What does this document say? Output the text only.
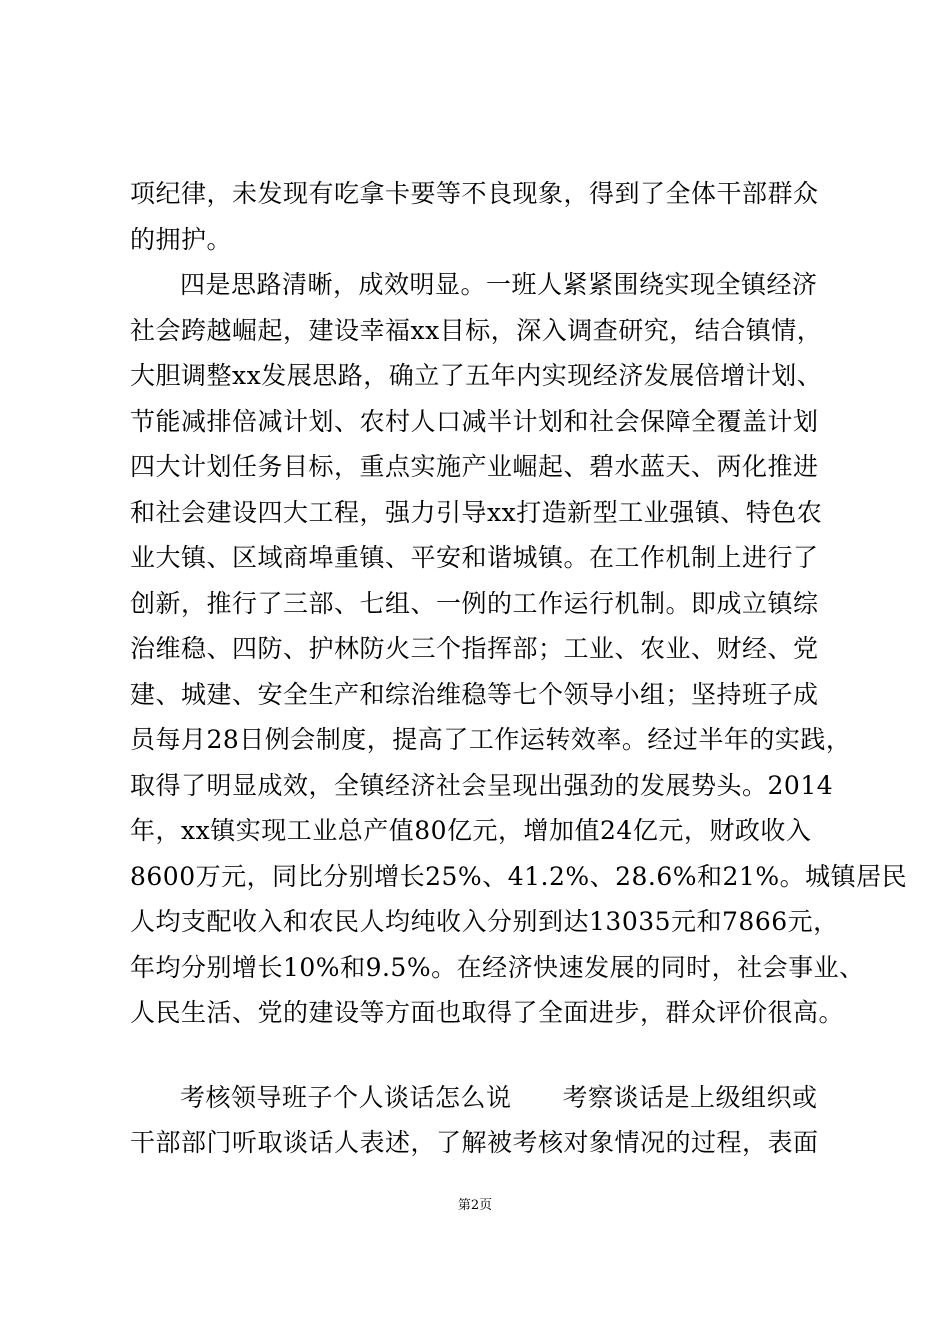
项纪律，未发现有吃拿卡要等不良现象，得到了全体干部群众
的拥护。
四是思路清晰，成效明显。一班人紧紧围绕实现全镇经济
社会跨越崛起，建设幸福xx目标，深入调查研究，结合镇情，
大胆调整xx发展思路，确立了五年内实现经济发展倍增计划、
节能减排倍减计划、农村人口减半计划和社会保障全覆盖计划
四大计划任务目标，重点实施产业崛起、碧水蓝天、两化推进
和社会建设四大工程，强力引导xx打造新型工业强镇、特色农
业大镇、区域商埠重镇、平安和谐城镇。在工作机制上进行了
创新，推行了三部、七组、一例的工作运行机制。即成立镇综
治维稳、四防、护林防火三个指挥部；工业、农业、财经、党
建、城建、安全生产和综治维稳等七个领导小组；坚持班子成
员每月28日例会制度，提高了工作运转效率。经过半年的实践，
取得了明显成效，全镇经济社会呈现出强劲的发展势头。2014
年，xx镇实现工业总产值80亿元，增加值24亿元，财政收入
8600万元，同比分别增长25%、41.2%、28.6%和21%。城镇居民
人均支配收入和农民人均纯收入分别到达13035元和7866元，
年均分别增长10%和9.5%。在经济快速发展的同时，社会事业、
人民生活、党的建设等方面也取得了全面进步，群众评价很高。
考核领导班子个人谈话怎么说　　考察谈话是上级组织或
干部部门听取谈话人表述，了解被考核对象情况的过程，表面
第2页
